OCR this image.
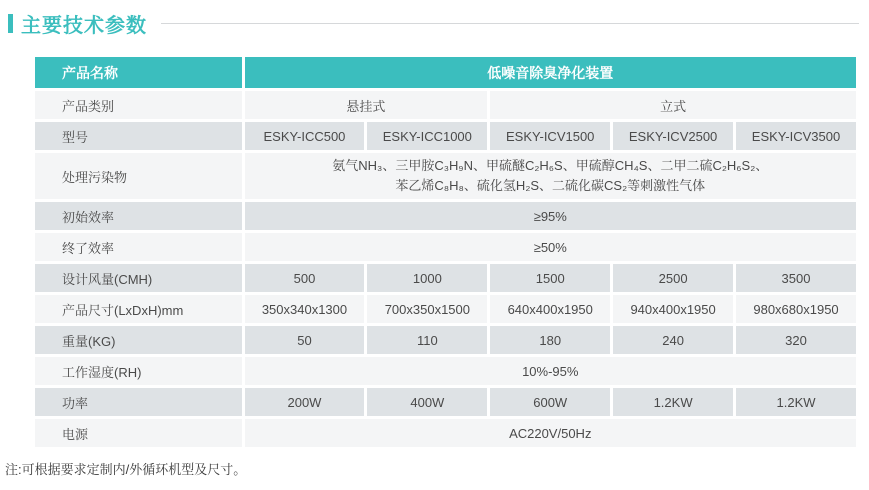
主要技术参数
产品名称	低噪音除臭净化装置				
产品类别	悬挂式		立式		
型号	ESKY-ICC500	ESKY-ICC1000	ESKY-ICV1500	ESKY-ICV2500	ESKY-ICV3500
处理污染物	氨气NH₃、三甲胺C₃H₉N、甲硫醚C₂H₆S、甲硫醇CH₄S、二甲二硫C₂H₆S₂、
苯乙烯C₈H₈、硫化氢H₂S、二硫化碳CS₂等刺激性气体				

初始效率	≥95%				
终了效率	≥50%				
设计风量(CMH)	500	1000	1500	2500	3500
产品尺寸(LxDxH)mm	350x340x1300	700x350x1500	640x400x1950	940x400x1950	980x680x1950
重量(KG)	50	110	180	240	320
工作湿度(RH)	10%-95%				
功率	200W	400W	600W	1.2KW	1.2KW
电源	AC220V/50Hz				
注:可根据要求定制内/外循环机型及尺寸。
